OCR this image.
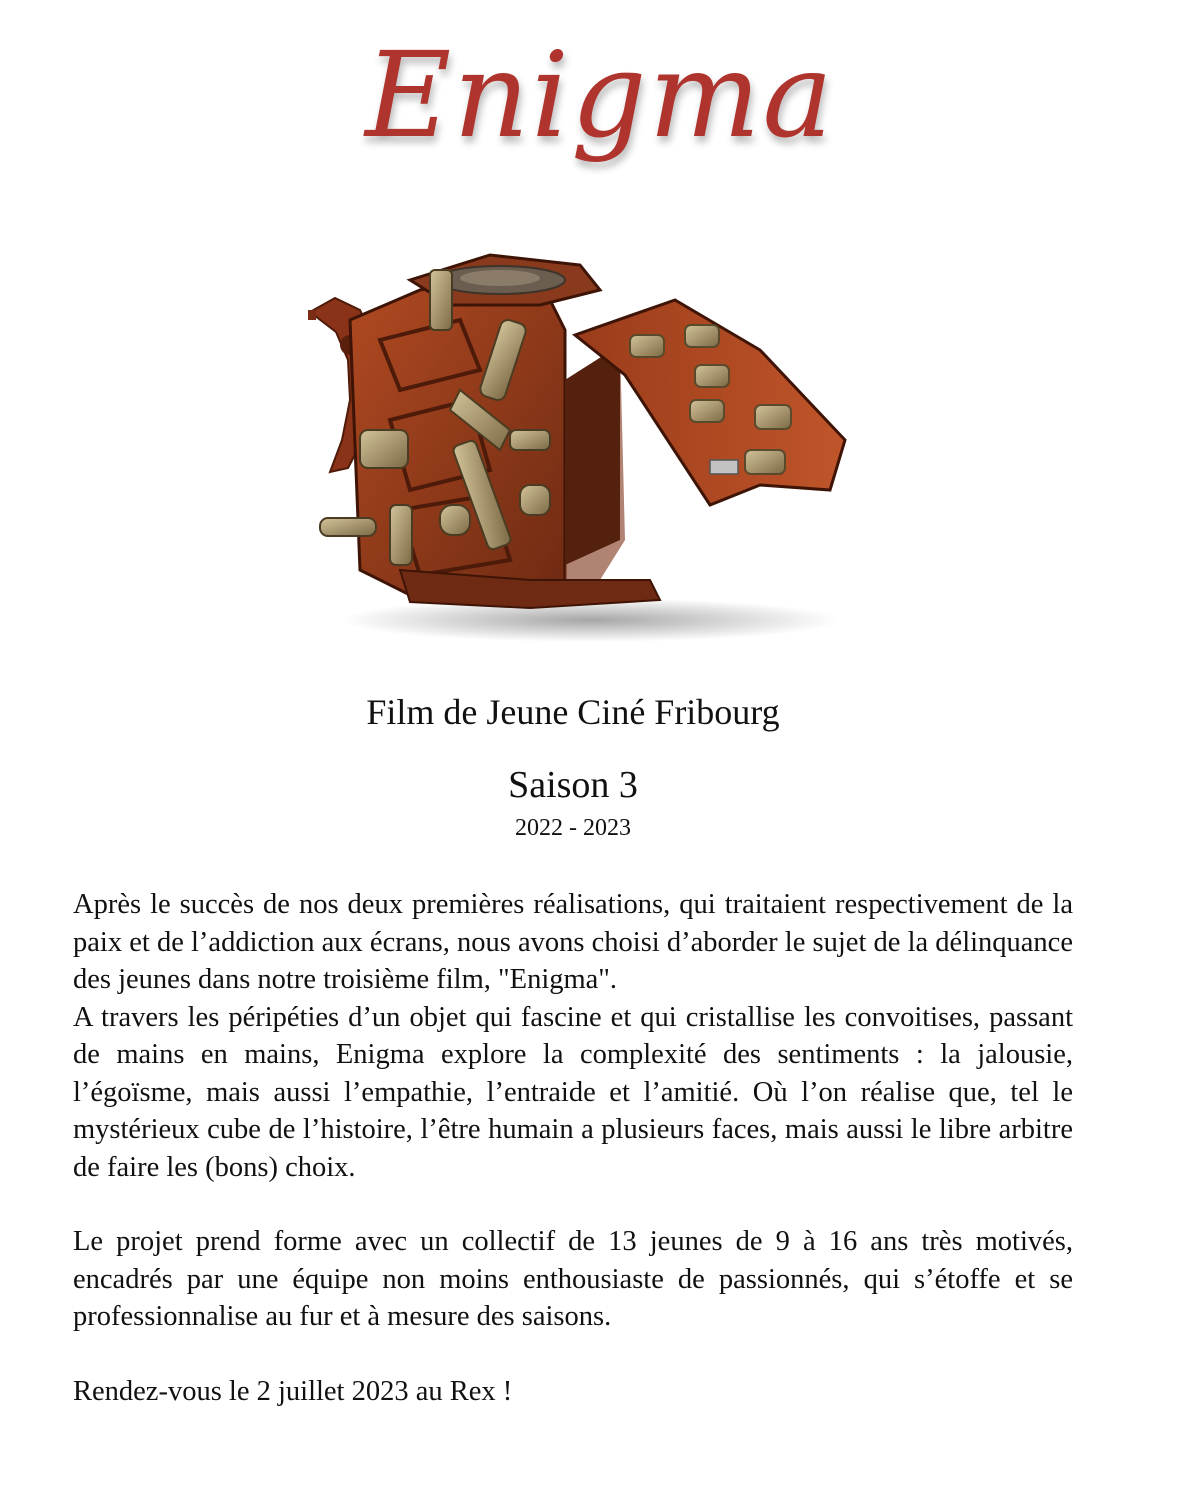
Enigma
Film de Jeune Ciné Fribourg
Saison 3
2022 - 2023

Après le succès de nos deux premières réalisations, qui traitaient respectivement de la paix et de l’addiction aux écrans, nous avons choisi d’aborder le sujet de la délinquance des jeunes dans notre troisième film, "Enigma".

A travers les péripéties d’un objet qui fascine et qui cristallise les convoitises, passant de mains en mains, Enigma explore la complexité des sentiments : la jalousie, l’égoïsme, mais aussi l’empathie, l’entraide et l’amitié. Où l’on réalise que, tel le mystérieux cube de l’histoire, l’être humain a plusieurs faces, mais aussi le libre arbitre de faire les (bons) choix.

Le projet prend forme avec un collectif de 13 jeunes de 9 à 16 ans très motivés, encadrés par une équipe non moins enthousiaste de passionnés, qui s’étoffe et se professionnalise au fur et à mesure des saisons.

Rendez-vous le 2 juillet 2023 au Rex !
